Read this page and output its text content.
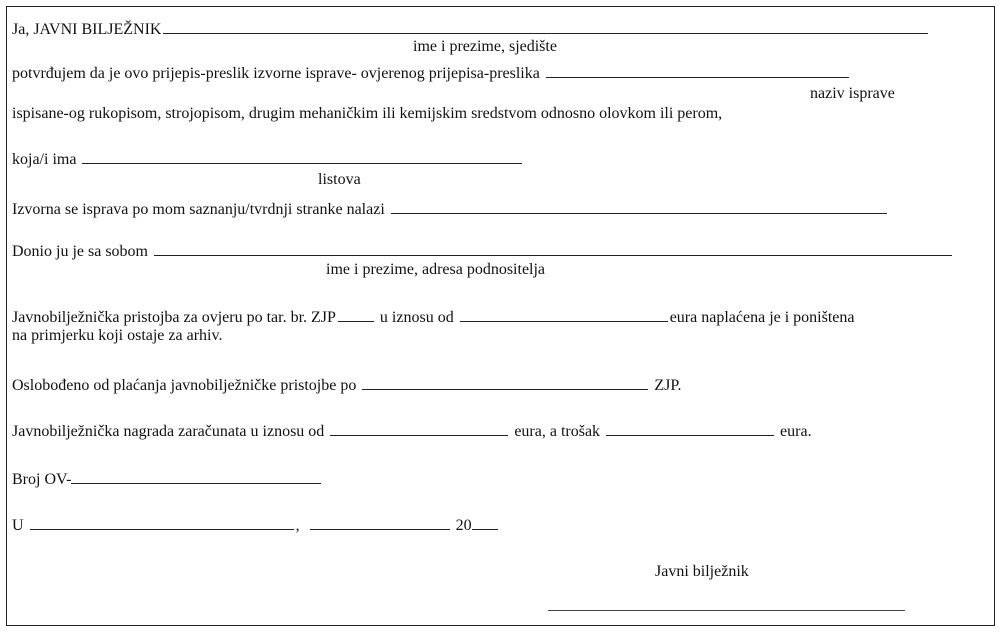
Ja, JAVNI BILJEŽNIK
ime i prezime, sjedište
potvrđujem da je ovo prijepis-preslik izvorne isprave- ovjerenog prijepisa-preslika
naziv isprave
ispisane-og rukopisom, strojopisom, drugim mehaničkim ili kemijskim sredstvom odnosno olovkom ili perom,
koja/i ima
listova
Izvorna se isprava po mom saznanju/tvrdnji stranke nalazi
Donio ju je sa sobom
ime i prezime, adresa podnositelja
Javnobilježnička pristojba za ovjeru po tar. br. ZJP	u iznosu od	eura naplaćena je i poništena
na primjerku koji ostaje za arhiv.
Oslobođeno od plaćanja javnobilježničke pristojbe po	ZJP.
Javnobilježnička nagrada zaračunata u iznosu od	eura, a trošak	eura.
Broj OV-
U	,	20
Javni bilježnik
